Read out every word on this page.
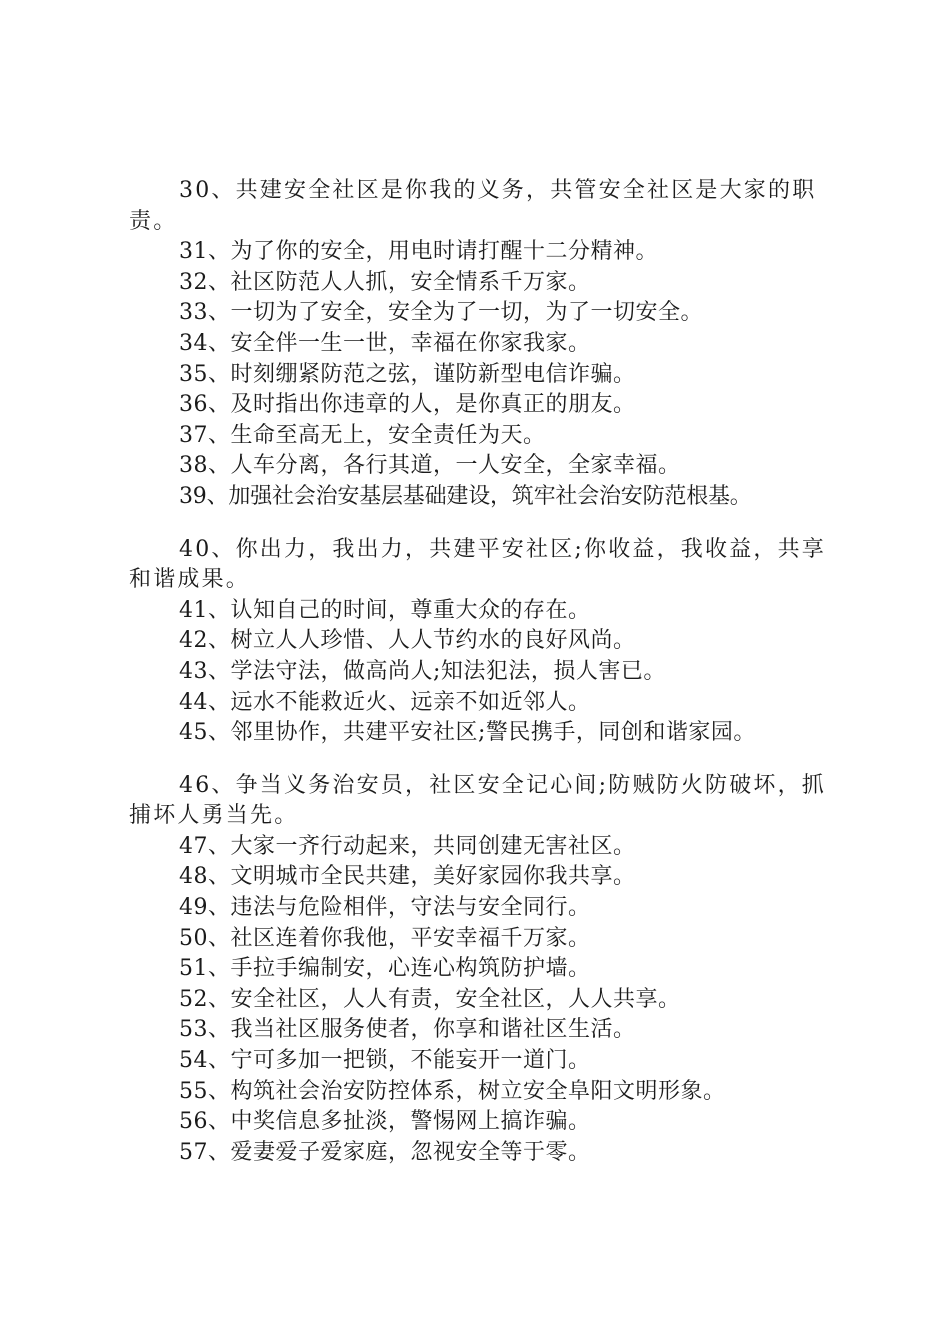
30、共建安全社区是你我的义务，共管安全社区是大家的职责。

31、为了你的安全，用电时请打醒十二分精神。

32、社区防范人人抓，安全情系千万家。

33、一切为了安全，安全为了一切，为了一切安全。

34、安全伴一生一世，幸福在你家我家。

35、时刻绷紧防范之弦，谨防新型电信诈骗。

36、及时指出你违章的人，是你真正的朋友。

37、生命至高无上，安全责任为天。

38、人车分离，各行其道，一人安全，全家幸福。

39、加强社会治安基层基础建设，筑牢社会治安防范根基。

40、你出力，我出力，共建平安社区;你收益，我收益，共享和谐成果。

41、认知自己的时间，尊重大众的存在。

42、树立人人珍惜、人人节约水的良好风尚。

43、学法守法，做高尚人;知法犯法，损人害已。

44、远水不能救近火、远亲不如近邻人。

45、邻里协作，共建平安社区;警民携手，同创和谐家园。

46、争当义务治安员，社区安全记心间;防贼防火防破坏，抓捕坏人勇当先。

47、大家一齐行动起来，共同创建无害社区。

48、文明城市全民共建，美好家园你我共享。

49、违法与危险相伴，守法与安全同行。

50、社区连着你我他，平安幸福千万家。

51、手拉手编制安，心连心构筑防护墙。

52、安全社区，人人有责，安全社区，人人共享。

53、我当社区服务使者，你享和谐社区生活。

54、宁可多加一把锁，不能妄开一道门。

55、构筑社会治安防控体系，树立安全阜阳文明形象。

56、中奖信息多扯淡，警惕网上搞诈骗。

57、爱妻爱子爱家庭，忽视安全等于零。
